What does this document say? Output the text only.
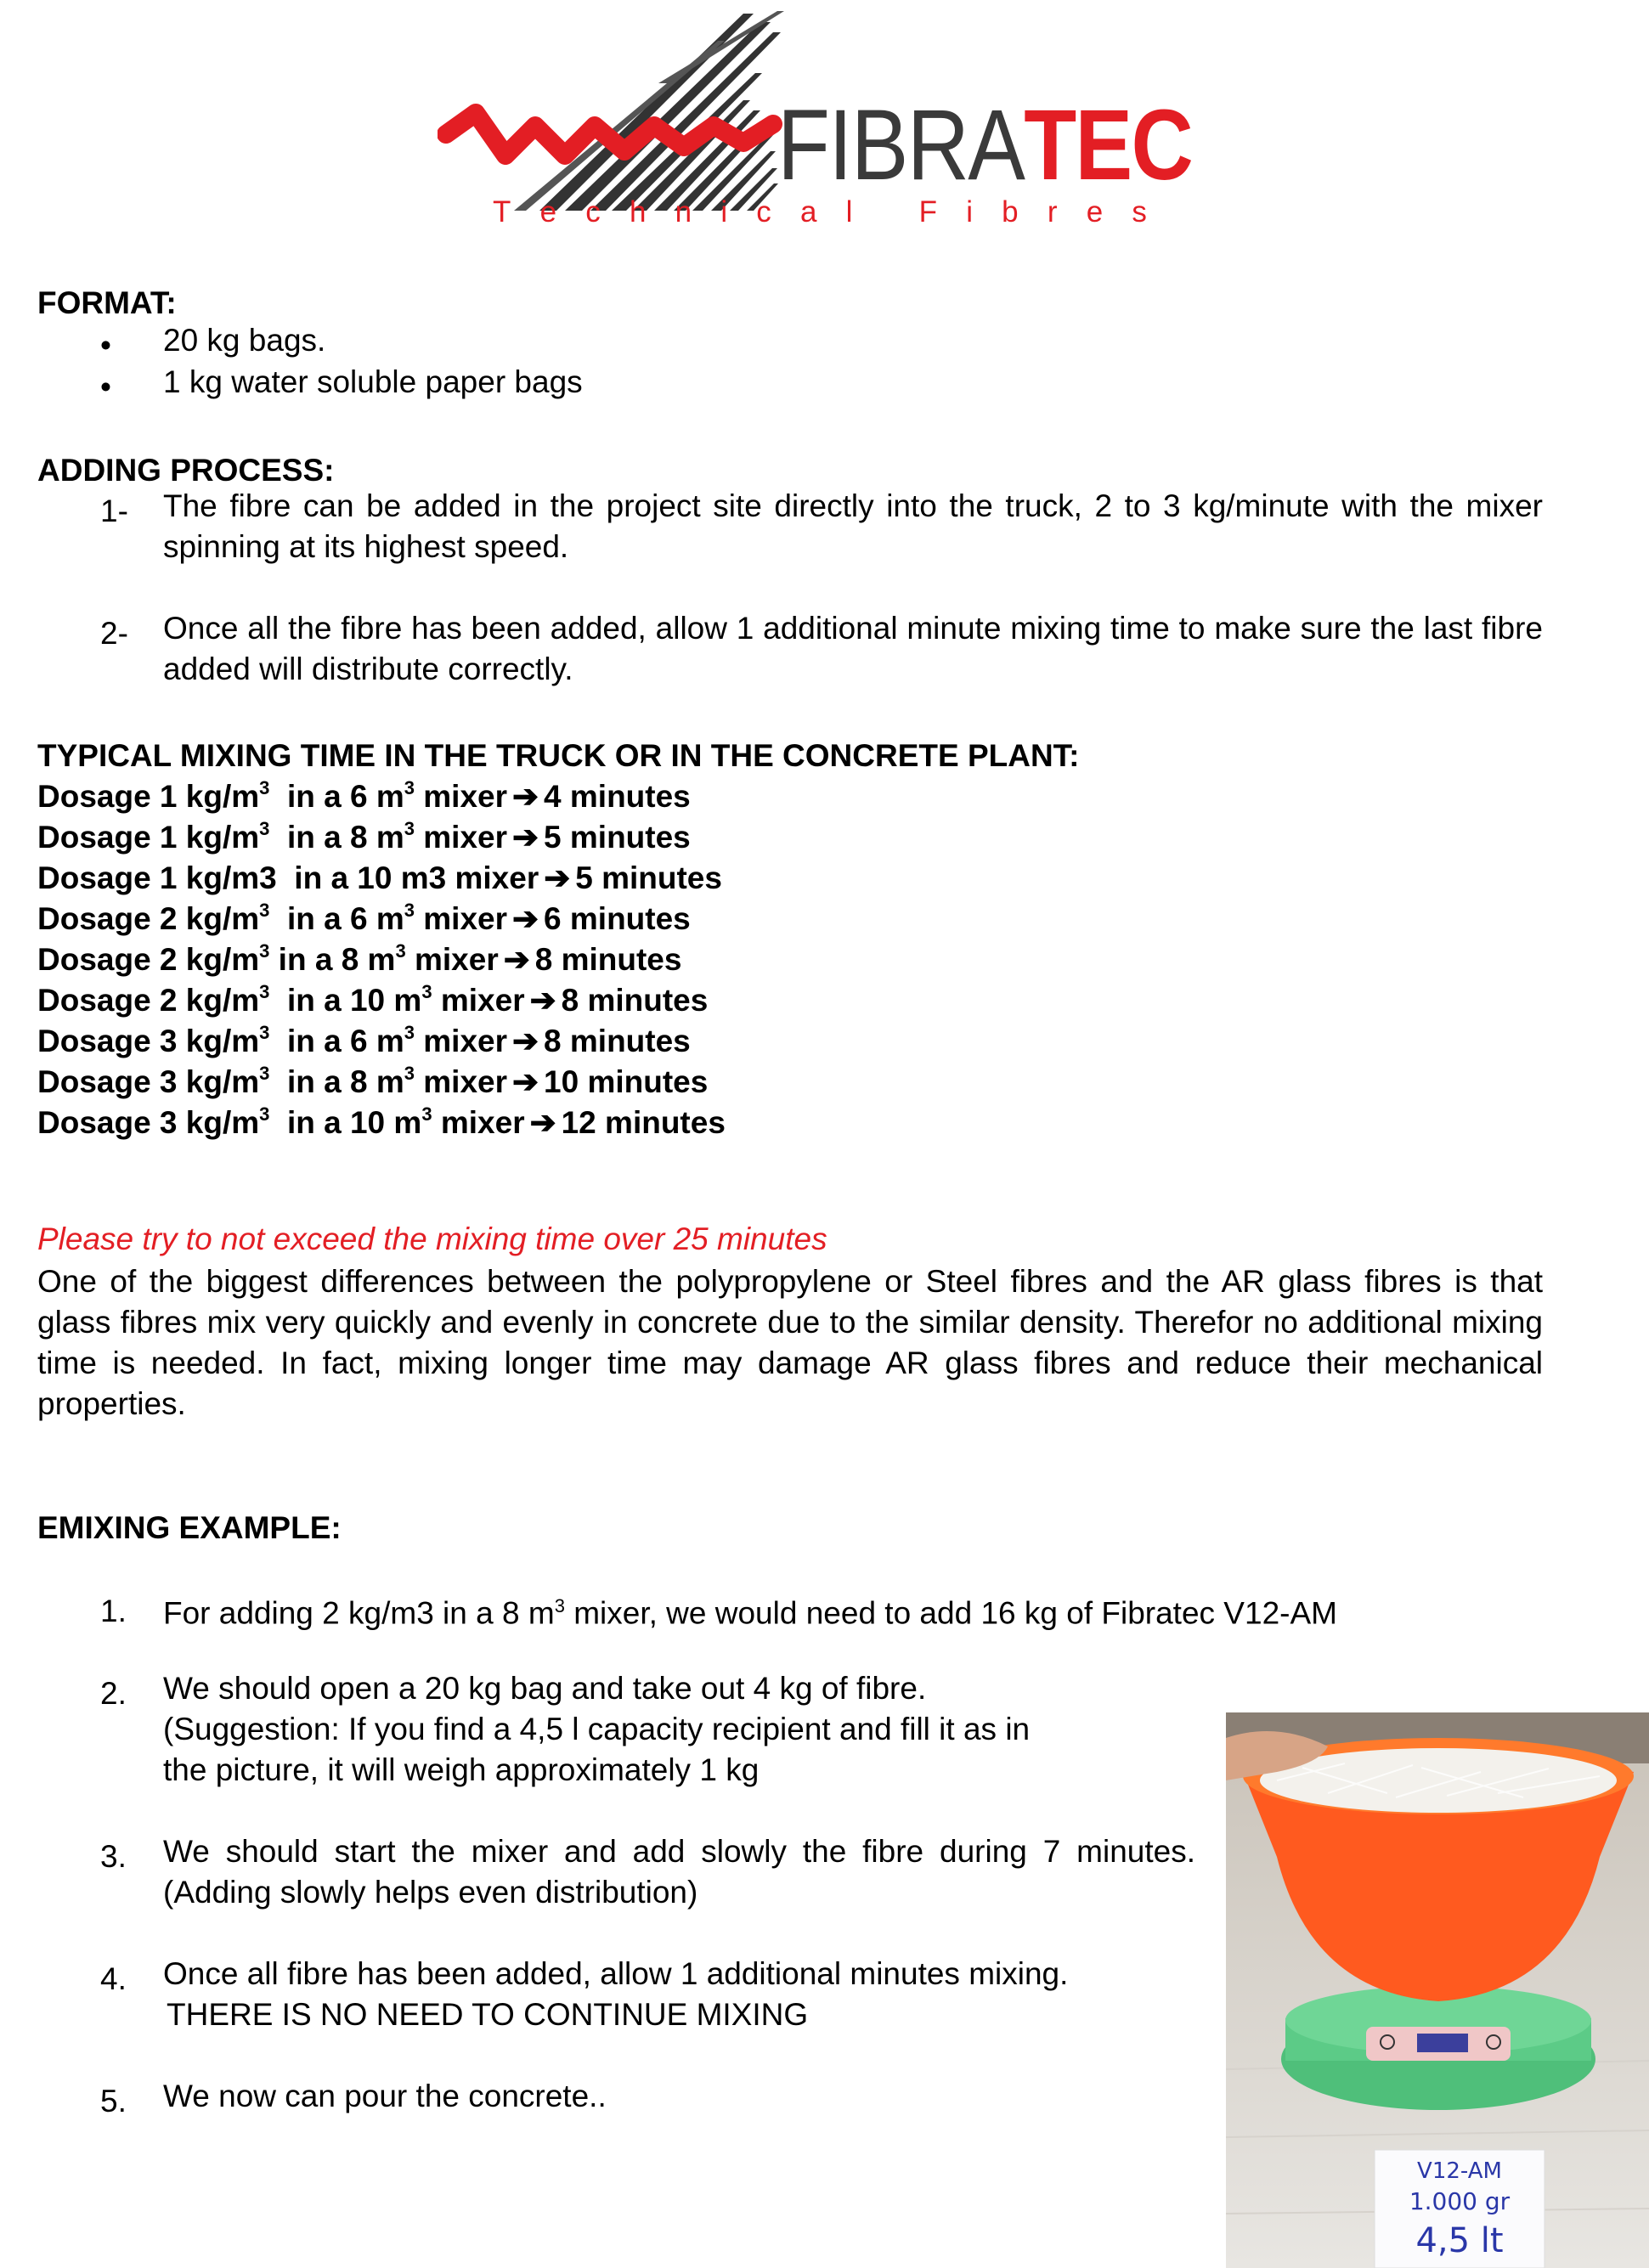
FIBRATEC
T e c h n i c a l
F i b r e s
FORMAT:
• 20 kg bags.
• 1 kg water soluble paper bags
ADDING PROCESS:
1- The fibre can be added in the project site directly into the truck, 2 to 3 kg/minute with the mixer spinning at its highest speed.
2- Once all the fibre has been added, allow 1 additional minute mixing time to make sure the last fibre added will distribute correctly.
TYPICAL MIXING TIME IN THE TRUCK OR IN THE CONCRETE PLANT:
Dosage 1 $kg/m^3$  in a 6 $m^3$ mixer ➔ 4 minutes
Dosage 1 $kg/m^3$  in a 8 $m^3$ mixer ➔ 5 minutes
Dosage 1 kg/m3  in a 10 m3 mixer ➔ 5 minutes
Dosage 2 $kg/m^3$  in a 6 $m^3$ mixer ➔ 6 minutes
Dosage 2 $kg/m^3$ in a 8 $m^3$ mixer ➔ 8 minutes
Dosage 2 $kg/m^3$  in a 10 $m^3$ mixer ➔ 8 minutes
Dosage 3 $kg/m^3$  in a 6 $m^3$ mixer ➔ 8 minutes
Dosage 3 $kg/m^3$  in a 8 $m^3$ mixer ➔ 10 minutes
Dosage 3 $kg/m^3$  in a 10 $m^3$ mixer ➔ 12 minutes
Please try to not exceed the mixing time over 25 minutes
One of the biggest differences between the polypropylene or Steel fibres and the AR glass fibres is that glass fibres mix very quickly and evenly in concrete due to the similar density. Therefor no additional mixing time is needed. In fact, mixing longer time may damage AR glass fibres and reduce their mechanical properties.
EMIXING EXAMPLE:
1. For adding 2 kg/m3 in a 8 $m^3$ mixer, we would need to add 16 kg of Fibratec V12-AM
2. We should open a 20 kg bag and take out 4 kg of fibre.
(Suggestion: If you find a 4,5 l capacity recipient and fill it as in
the picture, it will weigh approximately 1 kg
3. We should start the mixer and add slowly the fibre during 7 minutes. (Adding slowly helps even distribution)
4. Once all fibre has been added, allow 1 additional minutes mixing.
THERE IS NO NEED TO CONTINUE MIXING
5. We now can pour the concrete..
V12-AM
1.000 gr
4,5 lt
